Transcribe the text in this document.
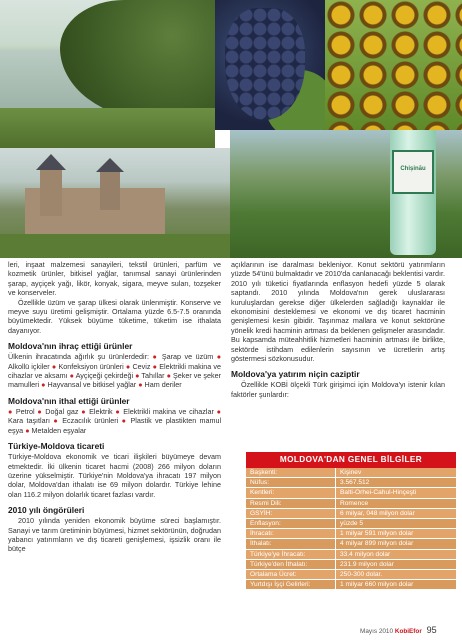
Chișinău

leri, inşaat malzemesi sanayileri, tekstil ürünleri, parfüm ve kozmetik ürünler, bitkisel yağlar, tanımsal sanayi ürünlerinden şarap, ayçiçek yağı, likör, konyak, sigara, meyve suları, tozşeker ve konserveler.

Özellikle üzüm ve şarap ülkesi olarak ünlenmiştir. Konserve ve meyve suyu üretimi gelişmiştir. Ortalama yüzde 6.5-7.5 oranında büyümektedir. Yüksek büyüme tüketime, tüketim ise ithalata dayanıyor.

Moldova'nın ihraç ettiği ürünler
Ülkenin ihracatında ağırlık şu ürünlerdedir: ● Şarap ve üzüm ● Alkollü içkiler ● Konfeksiyon ürünleri ● Ceviz ● Elektrikli makina ve cihazlar ve aksamı ● Ayçiçeği çekirdeği ● Tahıllar ● Şeker ve şeker mamulleri ● Hayvansal ve bitkisel yağlar ● Ham deriler
Moldova'nın ithal ettiği ürünler
● Petrol ● Doğal gaz ● Elektrik ● Elektrikli makina ve cihazlar ● Kara taşıtları ● Eczacılık ürünleri ● Plastik ve plastikten mamul eşya ● Metalden eşyalar
Türkiye-Moldova ticareti

Türkiye-Moldova ekonomik ve ticari ilişkileri büyümeye devam etmektedir. İki ülkenin ticaret hacmi (2008) 266 milyon doların üzerine yükselmiştir. Türkiye'nin Moldova'ya ihracatı 197 milyon dolar, Moldova'dan ithalatı ise 69 milyon dolardır. Türkiye lehine olan 116.2 milyon dolarlık ticaret fazlası vardır.

2010 yılı öngörüleri

2010 yılında yeniden ekonomik büyüme süreci başlamıştır. Sanayi ve tarım üretiminin büyümesi, hizmet sektörünün, doğrudan yabancı yatırımların ve dış ticareti genişlemesi, işsizlik oranı ile bütçe

açıklarının ise daralması bekleniyor. Konut sektörü yatırımların yüzde 54'ünü bulmaktadır ve 2010'da canlanacağı beklentisi vardır. 2010 yılı tüketici fiyatlarında enflasyon hedefi yüzde 5 olarak saptandı. 2010 yılında Moldova'nın gerek uluslararası kuruluşlardan gerekse diğer ülkelerden sağladığı kaynaklar ile ekonomisini desteklemesi ve ekonomi ve dış ticaret hacminin genişlemesi kesin gibidir. Taşınmaz mallara ve konut sektörüne yönelik kredi hacminin artması da beklenen gelişmeler arasındadır. Bu kapsamda müteahhitlik hizmetleri hacminin artması ile birlikte, sektörde istihdam edilenlerin sayısının ve ücretlerin artış göstermesi sözkonusudur.

Moldova'ya yatırım niçin caziptir

Özellikle KOBİ ölçekli Türk girişimci için Moldova'yı istenir kılan faktörler şunlardır:

MOLDOVA'DAN GENEL BİLGİLER
Başkenti:	Kişinev
Nüfus:	3.567.512
Kentleri:	Balti-Orhei-Cahul-Hinçeşti
Resmi Dili:	Romence
GSYİH:	6 milyar, 048 milyon dolar
Enflasyon:	yüzde 5
İhracatı:	1 milyar 591 milyon dolar
İthalatı:	4 milyar 899 milyon dolar
Türkiye'ye İhracatı:	33.4 milyon dolar
Türkiye'den İthalatı:	231.9 milyon dolar
Ortalama Ücret:	250-300 dolar.
Yurtdışı İşçi Gelirleri:	1 milyar 660 milyon dolar
Mayıs 2010 KobiEfor 95
